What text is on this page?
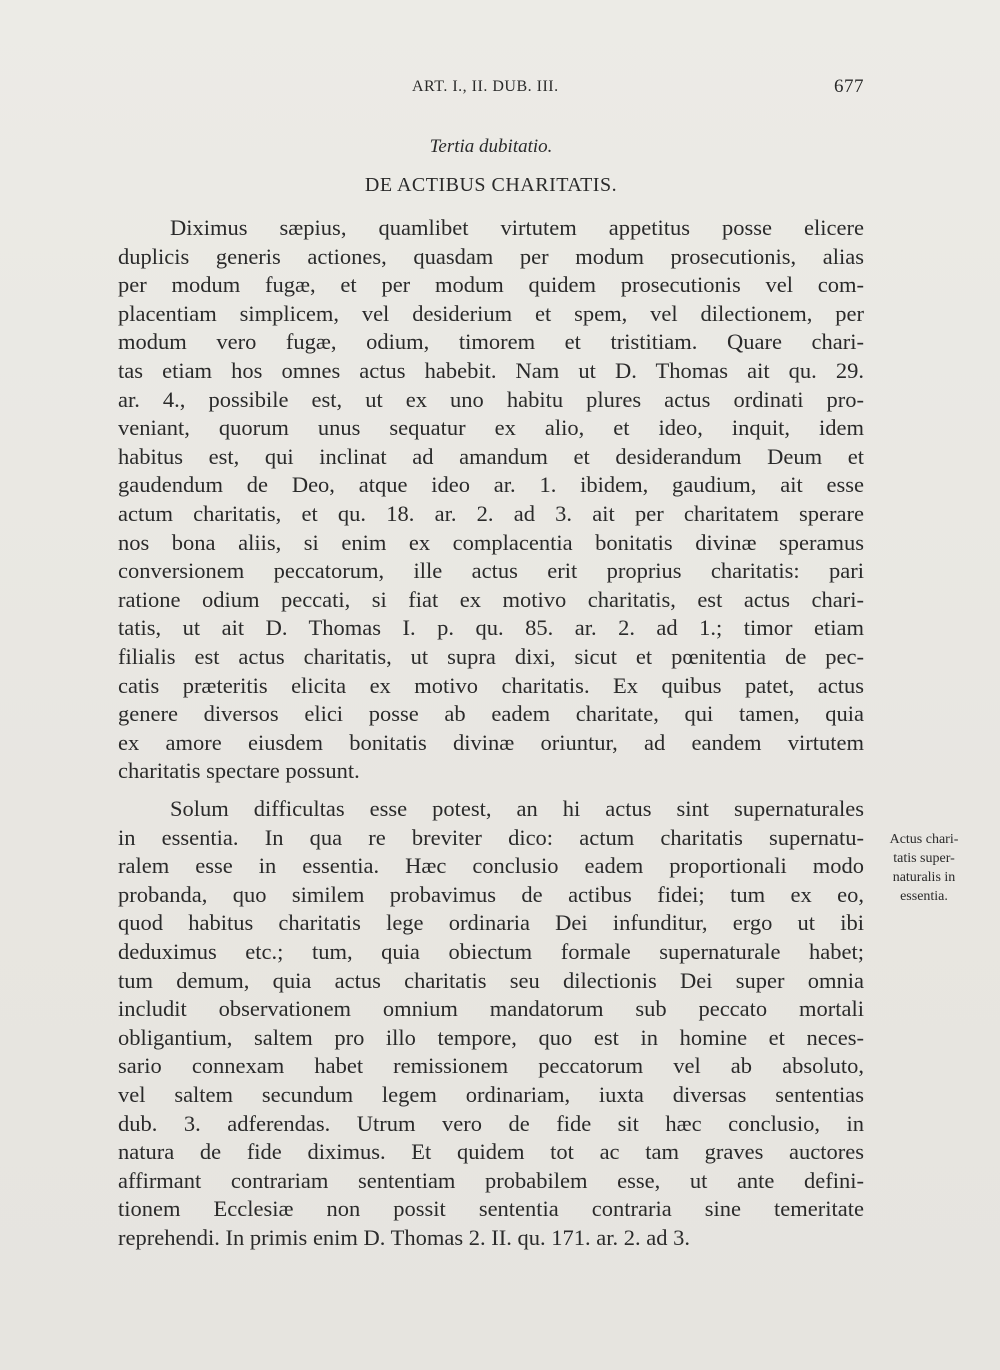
ART. I., II. DUB. III.	677
Tertia dubitatio.
DE ACTIBUS CHARITATIS.
Diximus sæpius, quamlibet virtutem appetitus posse elicere
duplicis generis actiones, quasdam per modum prosecutionis, alias
per modum fugæ, et per modum quidem prosecutionis vel com-
placentiam simplicem, vel desiderium et spem, vel dilectionem, per
modum vero fugæ, odium, timorem et tristitiam. Quare chari-
tas etiam hos omnes actus habebit. Nam ut D. Thomas ait qu. 29.
ar. 4., possibile est, ut ex uno habitu plures actus ordinati pro-
veniant, quorum unus sequatur ex alio, et ideo, inquit, idem
habitus est, qui inclinat ad amandum et desiderandum Deum et
gaudendum de Deo, atque ideo ar. 1. ibidem, gaudium, ait esse
actum charitatis, et qu. 18. ar. 2. ad 3. ait per charitatem sperare
nos bona aliis, si enim ex complacentia bonitatis divinæ speramus
conversionem peccatorum, ille actus erit proprius charitatis: pari
ratione odium peccati, si fiat ex motivo charitatis, est actus chari-
tatis, ut ait D. Thomas I. p. qu. 85. ar. 2. ad 1.; timor etiam
filialis est actus charitatis, ut supra dixi, sicut et pœnitentia de pec-
catis præteritis elicita ex motivo charitatis. Ex quibus patet, actus
genere diversos elici posse ab eadem charitate, qui tamen, quia
ex amore eiusdem bonitatis divinæ oriuntur, ad eandem virtutem
charitatis spectare possunt.
Solum difficultas esse potest, an hi actus sint supernaturales
in essentia. In qua re breviter dico: actum charitatis supernatu-
ralem esse in essentia. Hæc conclusio eadem proportionali modo
probanda, quo similem probavimus de actibus fidei; tum ex eo,
quod habitus charitatis lege ordinaria Dei infunditur, ergo ut ibi
deduximus etc.; tum, quia obiectum formale supernaturale habet;
tum demum, quia actus charitatis seu dilectionis Dei super omnia
includit observationem omnium mandatorum sub peccato mortali
obligantium, saltem pro illo tempore, quo est in homine et neces-
sario connexam habet remissionem peccatorum vel ab absoluto,
vel saltem secundum legem ordinariam, iuxta diversas sententias
dub. 3. adferendas. Utrum vero de fide sit hæc conclusio, in
natura de fide diximus. Et quidem tot ac tam graves auctores
affirmant contrariam sententiam probabilem esse, ut ante defini-
tionem Ecclesiæ non possit sententia contraria sine temeritate
reprehendi. In primis enim D. Thomas 2. II. qu. 171. ar. 2. ad 3.
Actus chari-
tatis super-
naturalis in
essentia.
